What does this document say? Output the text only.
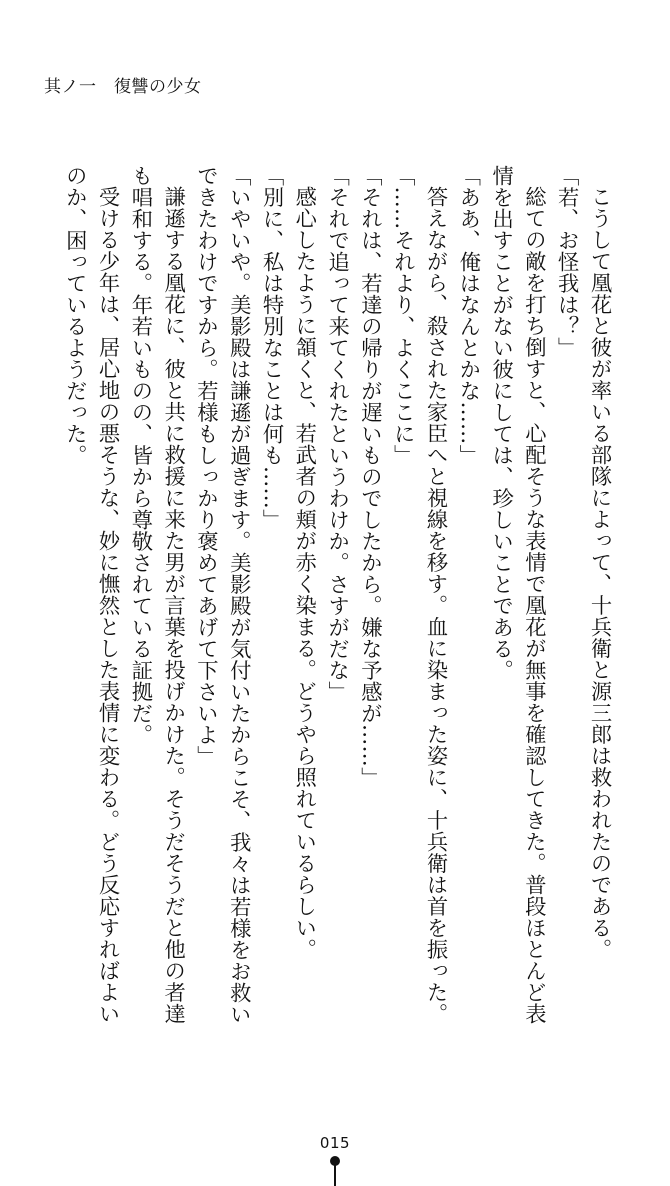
其ノ一　 復讐の少女

こうして凰花と彼が率いる部隊によって、十兵衛と源三郎は救われたのである。

「若、お怪我は？」

総ての敵を打ち倒すと、心配そうな表情で凰花が無事を確認してきた。普段ほとんど表情を出すことがない彼にしては、珍しいことである。

「ああ、俺はなんとかな……」

答えながら、殺された家臣へと視線を移す。血に染まった姿に、十兵衛は首を振った。

「……それより、よくここに」

「それは、若達の帰りが遅いものでしたから。嫌な予感が……」

「それで追って来てくれたというわけか。さすがだな」

感心したように頷くと、若武者の頬が赤く染まる。どうやら照れているらしい。

「別に、私は特別なことは何も……」

「いやいや。美影殿は謙遜が過ぎます。美影殿が気付いたからこそ、我々は若様をお救いできたわけですから。若様もしっかり褒めてあげて下さいよ」

謙遜する凰花に、彼と共に救援に来た男が言葉を投げかけた。そうだそうだと他の者達も唱和する。年若いものの、皆から尊敬されている証拠だ。

受ける少年は、居心地の悪そうな、妙に憮然とした表情に変わる。どう反応すればよいのか、困っているようだった。

015
